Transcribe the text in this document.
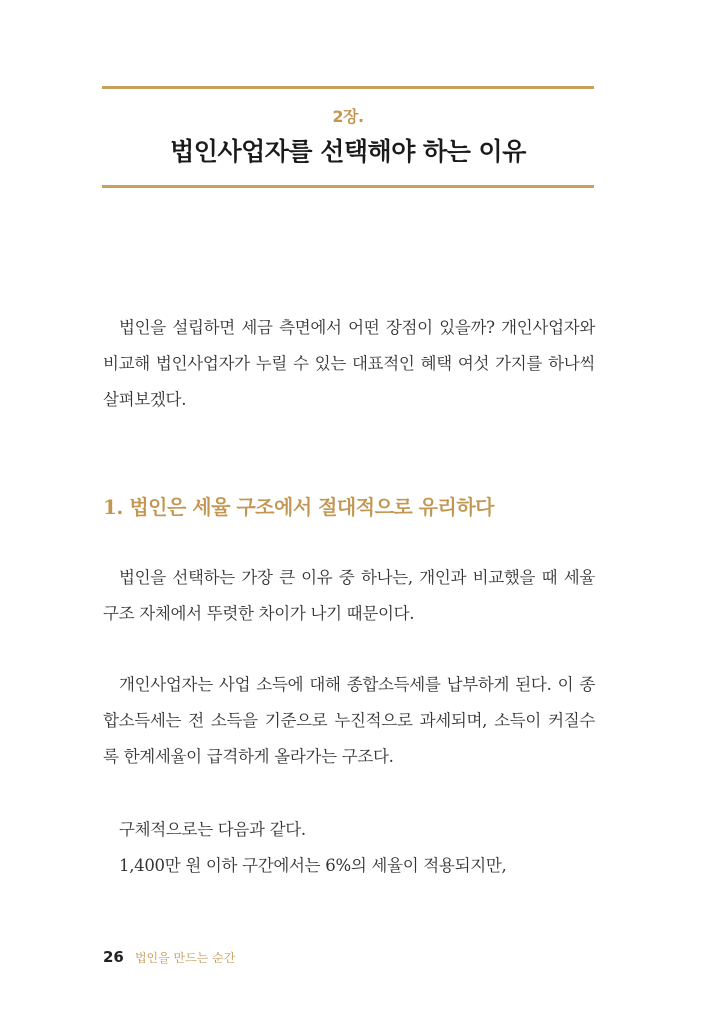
2장.
법인사업자를 선택해야 하는 이유
법인을 설립하면 세금 측면에서 어떤 장점이 있을까? 개인사업자와 비교해 법인사업자가 누릴 수 있는 대표적인 혜택 여섯 가지를 하나씩 살펴보겠다.
1. 법인은 세율 구조에서 절대적으로 유리하다
법인을 선택하는 가장 큰 이유 중 하나는, 개인과 비교했을 때 세율 구조 자체에서 뚜렷한 차이가 나기 때문이다.
개인사업자는 사업 소득에 대해 종합소득세를 납부하게 된다. 이 종합소득세는 전 소득을 기준으로 누진적으로 과세되며, 소득이 커질수록 한계세율이 급격하게 올라가는 구조다.
구체적으로는 다음과 같다.
1,400만 원 이하 구간에서는 6%의 세율이 적용되지만,
26 법인을 만드는 순간
